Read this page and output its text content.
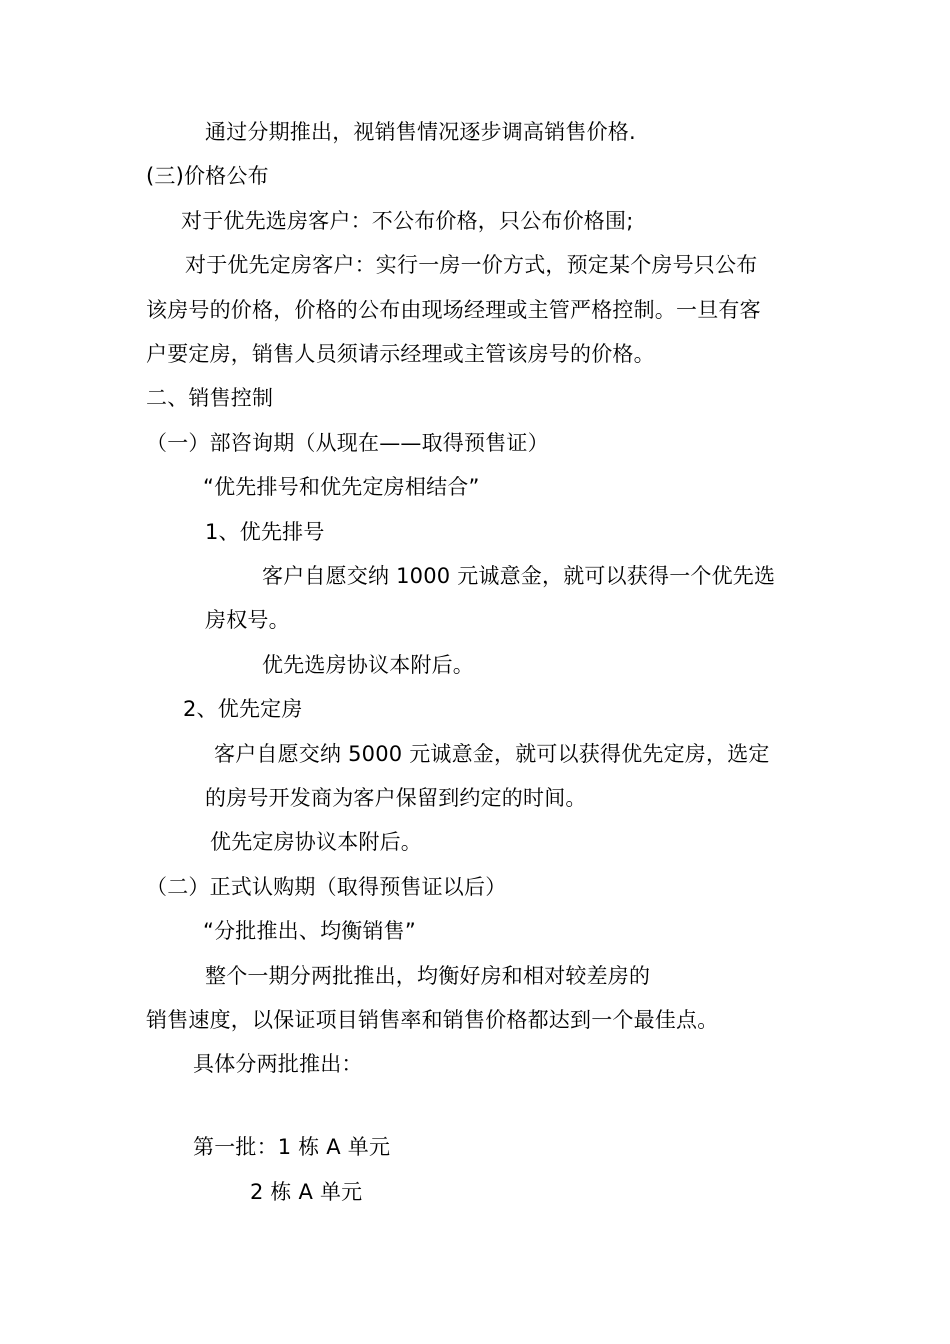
通过分期推出，视销售情况逐步调高销售价格.
(三)价格公布
对于优先选房客户：不公布价格，只公布价格围;
对于优先定房客户：实行一房一价方式，预定某个房号只公布
该房号的价格，价格的公布由现场经理或主管严格控制。一旦有客
户要定房，销售人员须请示经理或主管该房号的价格。
二、销售控制
（一）部咨询期（从现在——取得预售证）
“优先排号和优先定房相结合”
1、优先排号
客户自愿交纳 1000 元诚意金，就可以获得一个优先选
房权号。
优先选房协议本附后。
2、优先定房
客户自愿交纳 5000 元诚意金，就可以获得优先定房，选定
的房号开发商为客户保留到约定的时间。
优先定房协议本附后。
（二）正式认购期（取得预售证以后）
“分批推出、均衡销售”
整个一期分两批推出，均衡好房和相对较差房的
销售速度，以保证项目销售率和销售价格都达到一个最佳点。
具体分两批推出：
第一批：1 栋 A 单元
2 栋 A 单元
